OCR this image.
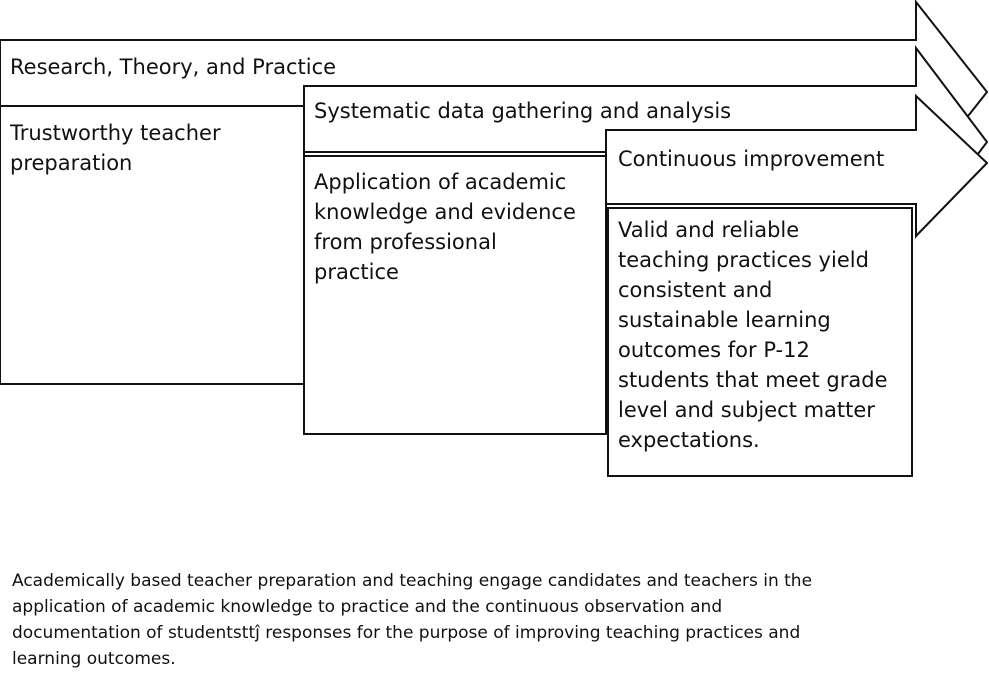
Research, Theory, and Practice
Trustworthy teacher
preparation
Systematic data gathering and analysis
Application of academic
knowledge and evidence
from professional
practice
Continuous improvement
Valid and reliable
teaching practices yield
consistent and
sustainable learning
outcomes for P-12
students that meet grade
level and subject matter
expectations.
Academically based teacher preparation and teaching engage candidates and teachers in the
application of academic knowledge to practice and the continuous observation and
documentation of studentsttĵ responses for the purpose of improving teaching practices and
learning outcomes.
